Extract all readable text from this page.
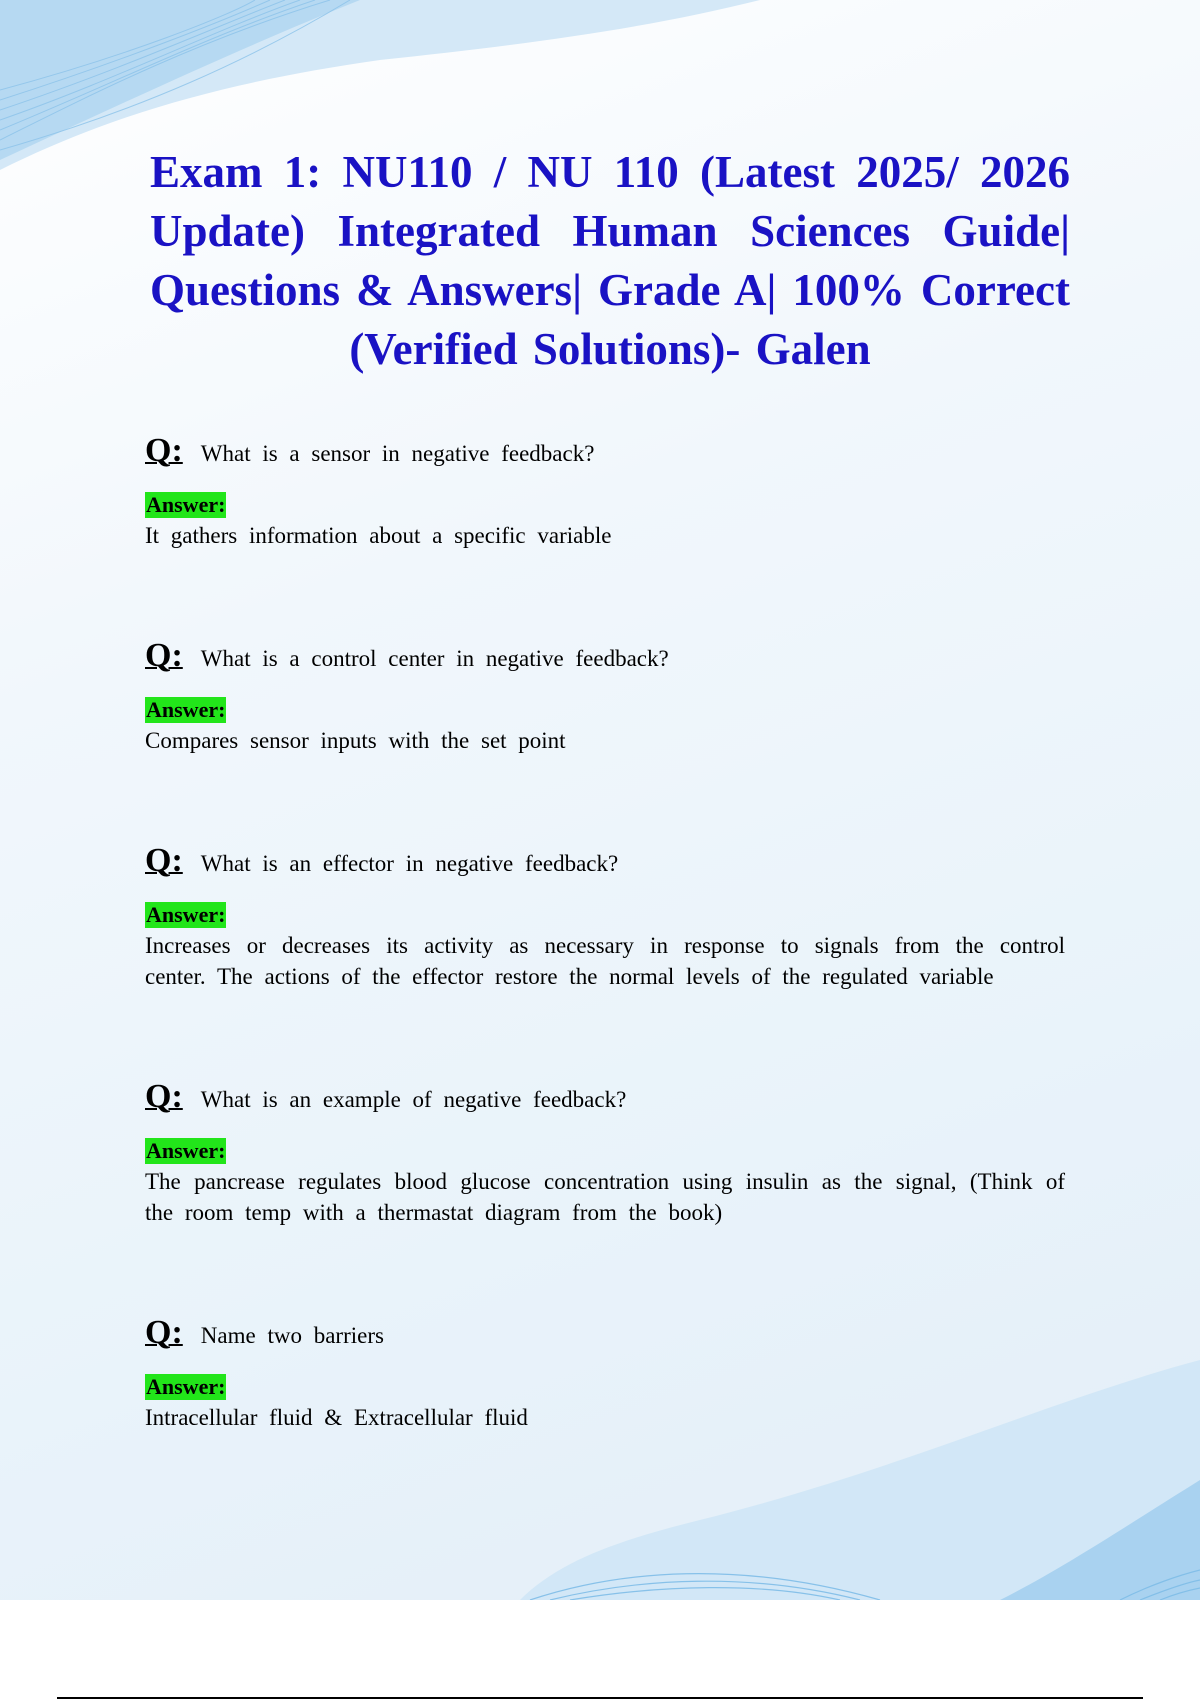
Exam 1: NU110 / NU 110 (Latest 2025/ 2026 Update) Integrated Human Sciences Guide| Questions & Answers| Grade A| 100% Correct (Verified Solutions)- Galen
Q: What is a sensor in negative feedback?
Answer:

It gathers information about a specific variable

Q: What is a control center in negative feedback?
Answer:

Compares sensor inputs with the set point

Q: What is an effector in negative feedback?
Answer:

Increases or decreases its activity as necessary in response to signals from the control center. The actions of the effector restore the normal levels of the regulated variable

Q: What is an example of negative feedback?
Answer:

The pancrease regulates blood glucose concentration using insulin as the signal, (Think of the room temp with a thermastat diagram from the book)

Q: Name two barriers
Answer:

Intracellular fluid & Extracellular fluid
